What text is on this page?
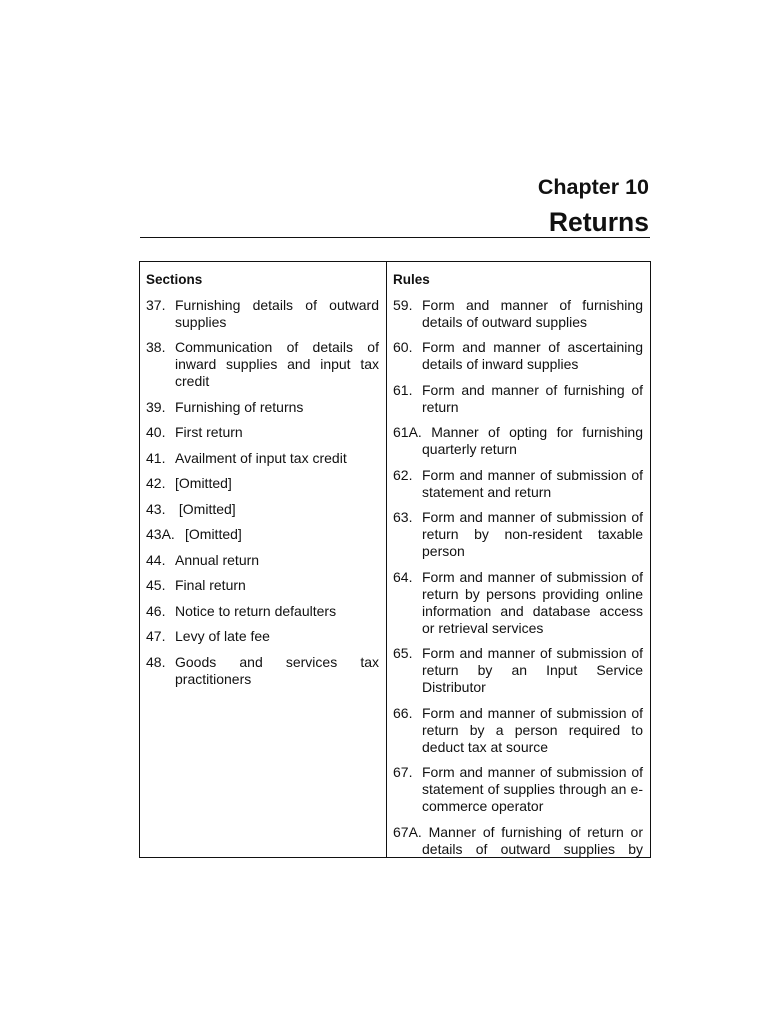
Chapter 10
Returns
Sections
37. Furnishing details of outward supplies
38. Communication of details of inward supplies and input tax credit
39. Furnishing of returns
40. First return
41. Availment of input tax credit
42. [Omitted]
43. [Omitted]
43A. [Omitted]
44. Annual return
45. Final return
46. Notice to return defaulters
47. Levy of late fee
48. Goods and services tax practitioners
Rules
59. Form and manner of furnishing details of outward supplies
60. Form and manner of ascertaining details of inward supplies
61. Form and manner of furnishing of return
61A. Manner of opting for furnishing quarterly return
62. Form and manner of submission of statement and return
63. Form and manner of submission of return by non-resident taxable person
64. Form and manner of submission of return by persons providing online information and database access or retrieval services
65. Form and manner of submission of return by an Input Service Distributor
66. Form and manner of submission of return by a person required to deduct tax at source
67. Form and manner of submission of statement of supplies through an e-commerce operator
67A. Manner of furnishing of return or details of outward supplies by
